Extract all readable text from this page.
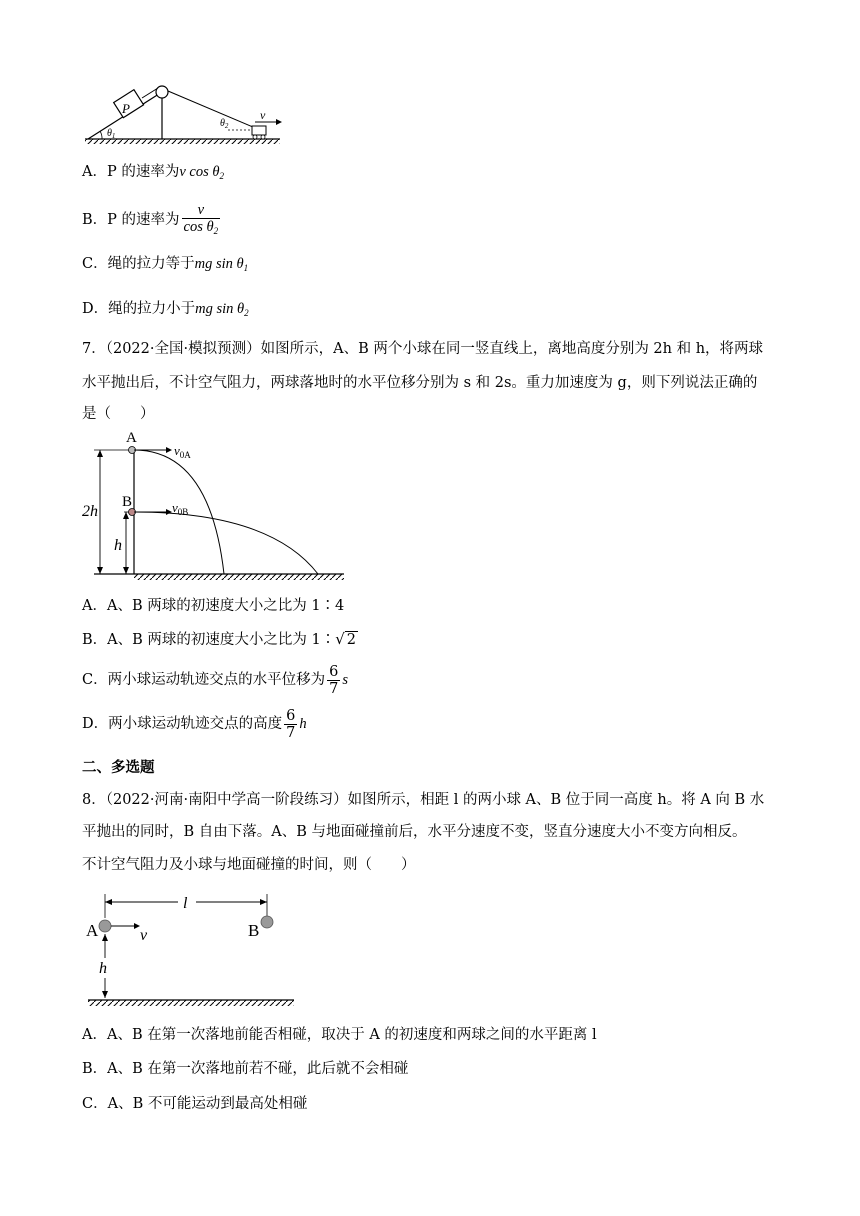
P	v
$\theta_1$
$\theta_2$
A．P 的速率为v $\cos \theta_2$
B．P 的速率为 $\frac{v}{\cos \theta_2}$
C．绳的拉力等于mg $\sin \theta_1$
D．绳的拉力小于mg $\sin \theta_2$
7．（2022·全国·模拟预测）如图所示，A、B 两个小球在同一竖直线上，离地高度分别为 2h 和 h，将两球
水平抛出后，不计空气阻力，两球落地时的水平位移分别为 s 和 2s。重力加速度为 g，则下列说法正确的
是（　　）
2h
h
A
$v_{0A}$
B	$v_{0B}$
A．A、B 两球的初速度大小之比为 1∶4
B．A、B 两球的初速度大小之比为 1∶√ 2
C．两小球运动轨迹交点的水平位移为 $\frac{6}{7}$ s
D．两小球运动轨迹交点的高度 $\frac{6}{7}$ h
二、多选题
8．（2022·河南·南阳中学高一阶段练习）如图所示，相距 l 的两小球 A、B 位于同一高度 h。将 A 向 B 水
平抛出的同时，B 自由下落。A、B 与地面碰撞前后，水平分速度不变，竖直分速度大小不变方向相反。
不计空气阻力及小球与地面碰撞的时间，则（　　）
l
A	v	B
h
A．A、B 在第一次落地前能否相碰，取决于 A 的初速度和两球之间的水平距离 l
B．A、B 在第一次落地前若不碰，此后就不会相碰
C．A、B 不可能运动到最高处相碰
